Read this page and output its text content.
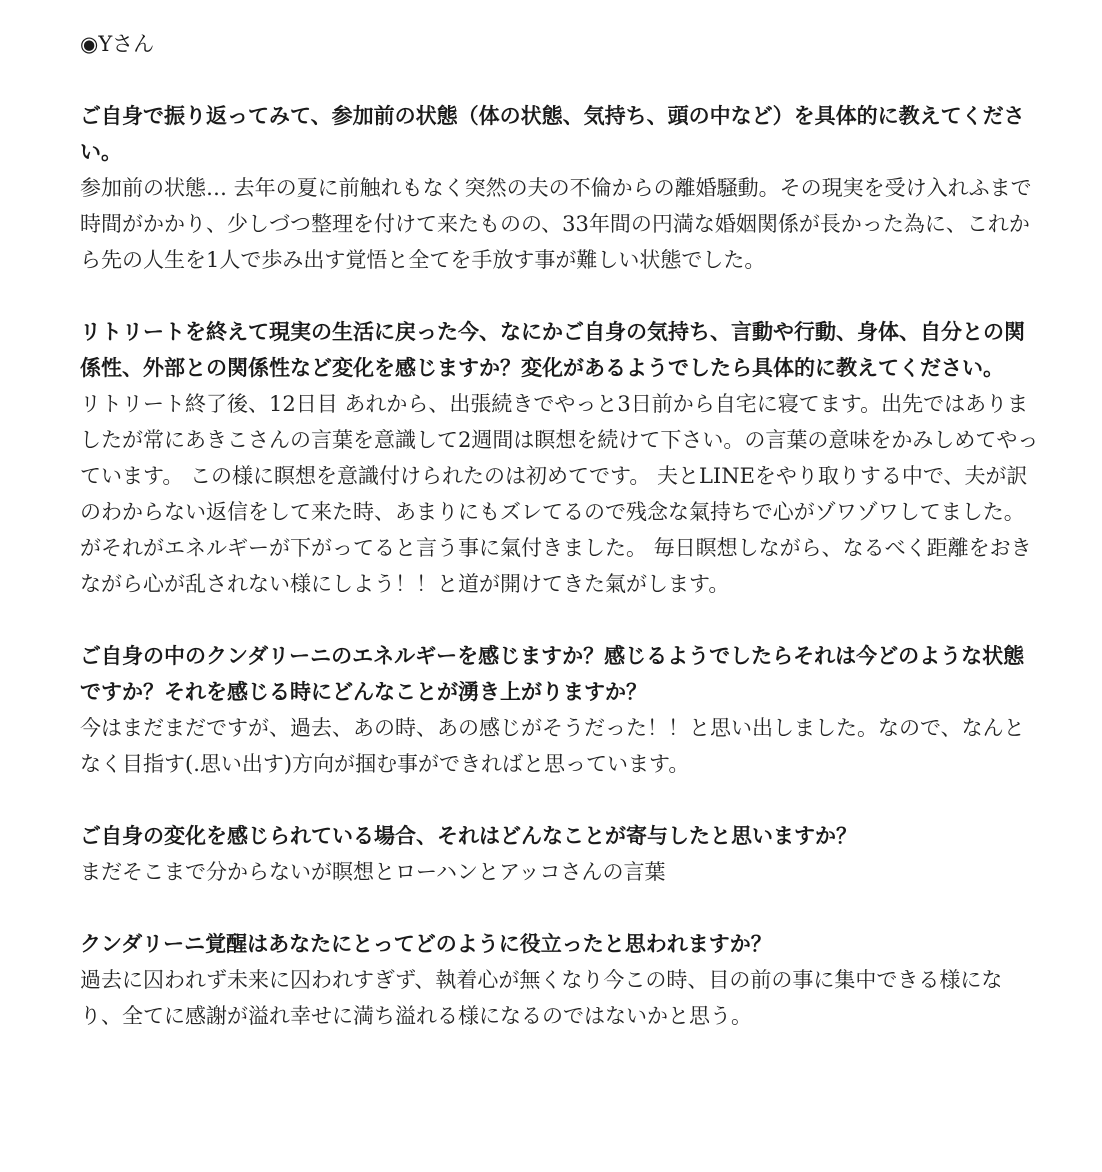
◉Yさん

ご自身で振り返ってみて、参加前の状態（体の状態、気持ち、頭の中など）を具体的に教えてください。

参加前の状態… 去年の夏に前触れもなく突然の夫の不倫からの離婚騒動。その現実を受け入れふまで時間がかかり、少しづつ整理を付けて来たものの、33年間の円満な婚姻関係が長かった為に、これから先の人生を1人で歩み出す覚悟と全てを手放す事が難しい状態でした。

リトリートを終えて現実の生活に戻った今、なにかご自身の気持ち、言動や行動、身体、自分との関係性、外部との関係性など変化を感じますか？変化があるようでしたら具体的に教えてください。

リトリート終了後、12日目 あれから、出張続きでやっと3日前から自宅に寝てます。出先ではありましたが常にあきこさんの言葉を意識して2週間は瞑想を続けて下さい。の言葉の意味をかみしめてやっています。 この様に瞑想を意識付けられたのは初めてです。 夫とLINEをやり取りする中で、夫が訳のわからない返信をして来た時、あまりにもズレてるので残念な氣持ちで心がゾワゾワしてました。がそれがエネルギーが下がってると言う事に氣付きました。 毎日瞑想しながら、なるべく距離をおきながら心が乱されない様にしよう！！と道が開けてきた氣がします。

ご自身の中のクンダリーニのエネルギーを感じますか？感じるようでしたらそれは今どのような状態ですか？それを感じる時にどんなことが湧き上がりますか？

今はまだまだですが、過去、あの時、あの感じがそうだった！！と思い出しました。なので、なんとなく目指す(.思い出す)方向が掴む事ができればと思っています。

ご自身の変化を感じられている場合、それはどんなことが寄与したと思いますか？

まだそこまで分からないが瞑想とローハンとアッコさんの言葉

クンダリーニ覚醒はあなたにとってどのように役立ったと思われますか？

過去に囚われず未来に囚われすぎず、執着心が無くなり今この時、目の前の事に集中できる様になり、全てに感謝が溢れ幸せに満ち溢れる様になるのではないかと思う。
